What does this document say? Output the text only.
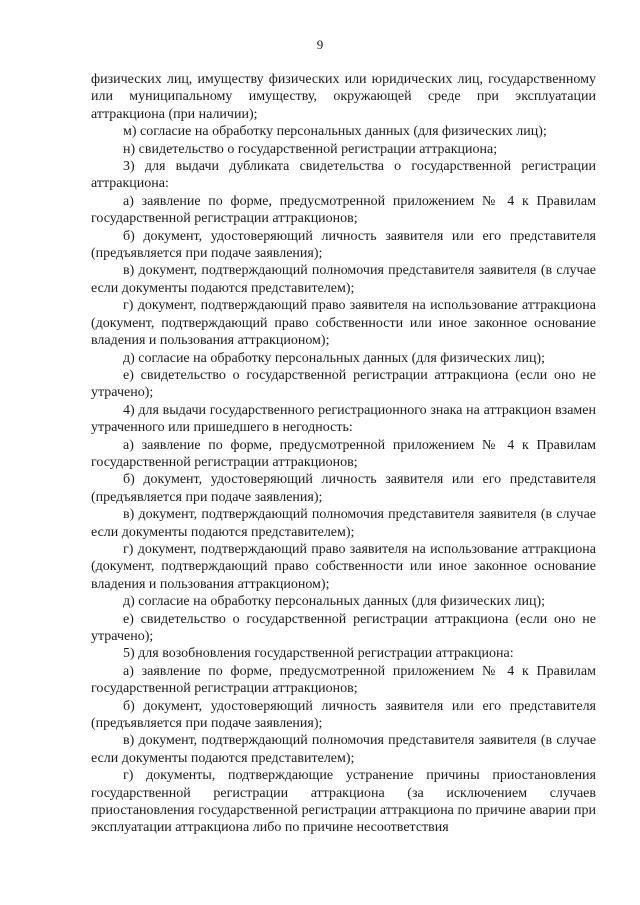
9

физических лиц, имуществу физических или юридических лиц, государственному или муниципальному имуществу, окружающей среде при эксплуатации аттракциона (при наличии);

м) согласие на обработку персональных данных (для физических лиц);

н) свидетельство о государственной регистрации аттракциона;

3) для выдачи дубликата свидетельства о государственной регистрации аттракциона:

а) заявление по форме, предусмотренной приложением № 4 к Правилам государственной регистрации аттракционов;

б) документ, удостоверяющий личность заявителя или его представителя (предъявляется при подаче заявления);

в) документ, подтверждающий полномочия представителя заявителя (в случае если документы подаются представителем);

г) документ, подтверждающий право заявителя на использование аттракциона (документ, подтверждающий право собственности или иное законное основание владения и пользования аттракционом);

д) согласие на обработку персональных данных (для физических лиц);

е) свидетельство о государственной регистрации аттракциона (если оно не утрачено);

4) для выдачи государственного регистрационного знака на аттракцион взамен утраченного или пришедшего в негодность:

а) заявление по форме, предусмотренной приложением № 4 к Правилам государственной регистрации аттракционов;

б) документ, удостоверяющий личность заявителя или его представителя (предъявляется при подаче заявления);

в) документ, подтверждающий полномочия представителя заявителя (в случае если документы подаются представителем);

г) документ, подтверждающий право заявителя на использование аттракциона (документ, подтверждающий право собственности или иное законное основание владения и пользования аттракционом);

д) согласие на обработку персональных данных (для физических лиц);

е) свидетельство о государственной регистрации аттракциона (если оно не утрачено);

5) для возобновления государственной регистрации аттракциона:

а) заявление по форме, предусмотренной приложением № 4 к Правилам государственной регистрации аттракционов;

б) документ, удостоверяющий личность заявителя или его представителя (предъявляется при подаче заявления);

в) документ, подтверждающий полномочия представителя заявителя (в случае если документы подаются представителем);

г) документы, подтверждающие устранение причины приостановления государственной регистрации аттракциона (за исключением случаев приостановления государственной регистрации аттракциона по причине аварии при эксплуатации аттракциона либо по причине несоответствия
